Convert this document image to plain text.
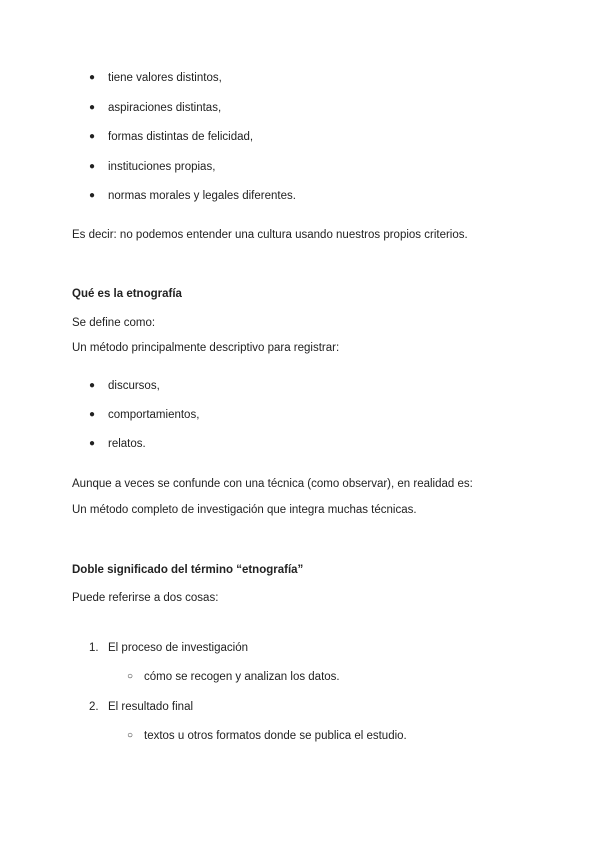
● tiene valores distintos,
● aspiraciones distintas,
● formas distintas de felicidad,
● instituciones propias,
● normas morales y legales diferentes.
Es decir: no podemos entender una cultura usando nuestros propios criterios.
Qué es la etnografía
Se define como:
Un método principalmente descriptivo para registrar:
● discursos,
● comportamientos,
● relatos.
Aunque a veces se confunde con una técnica (como observar), en realidad es:
Un método completo de investigación que integra muchas técnicas.
Doble significado del término “etnografía”
Puede referirse a dos cosas:
1. El proceso de investigación
○ cómo se recogen y analizan los datos.
2. El resultado final
○ textos u otros formatos donde se publica el estudio.
